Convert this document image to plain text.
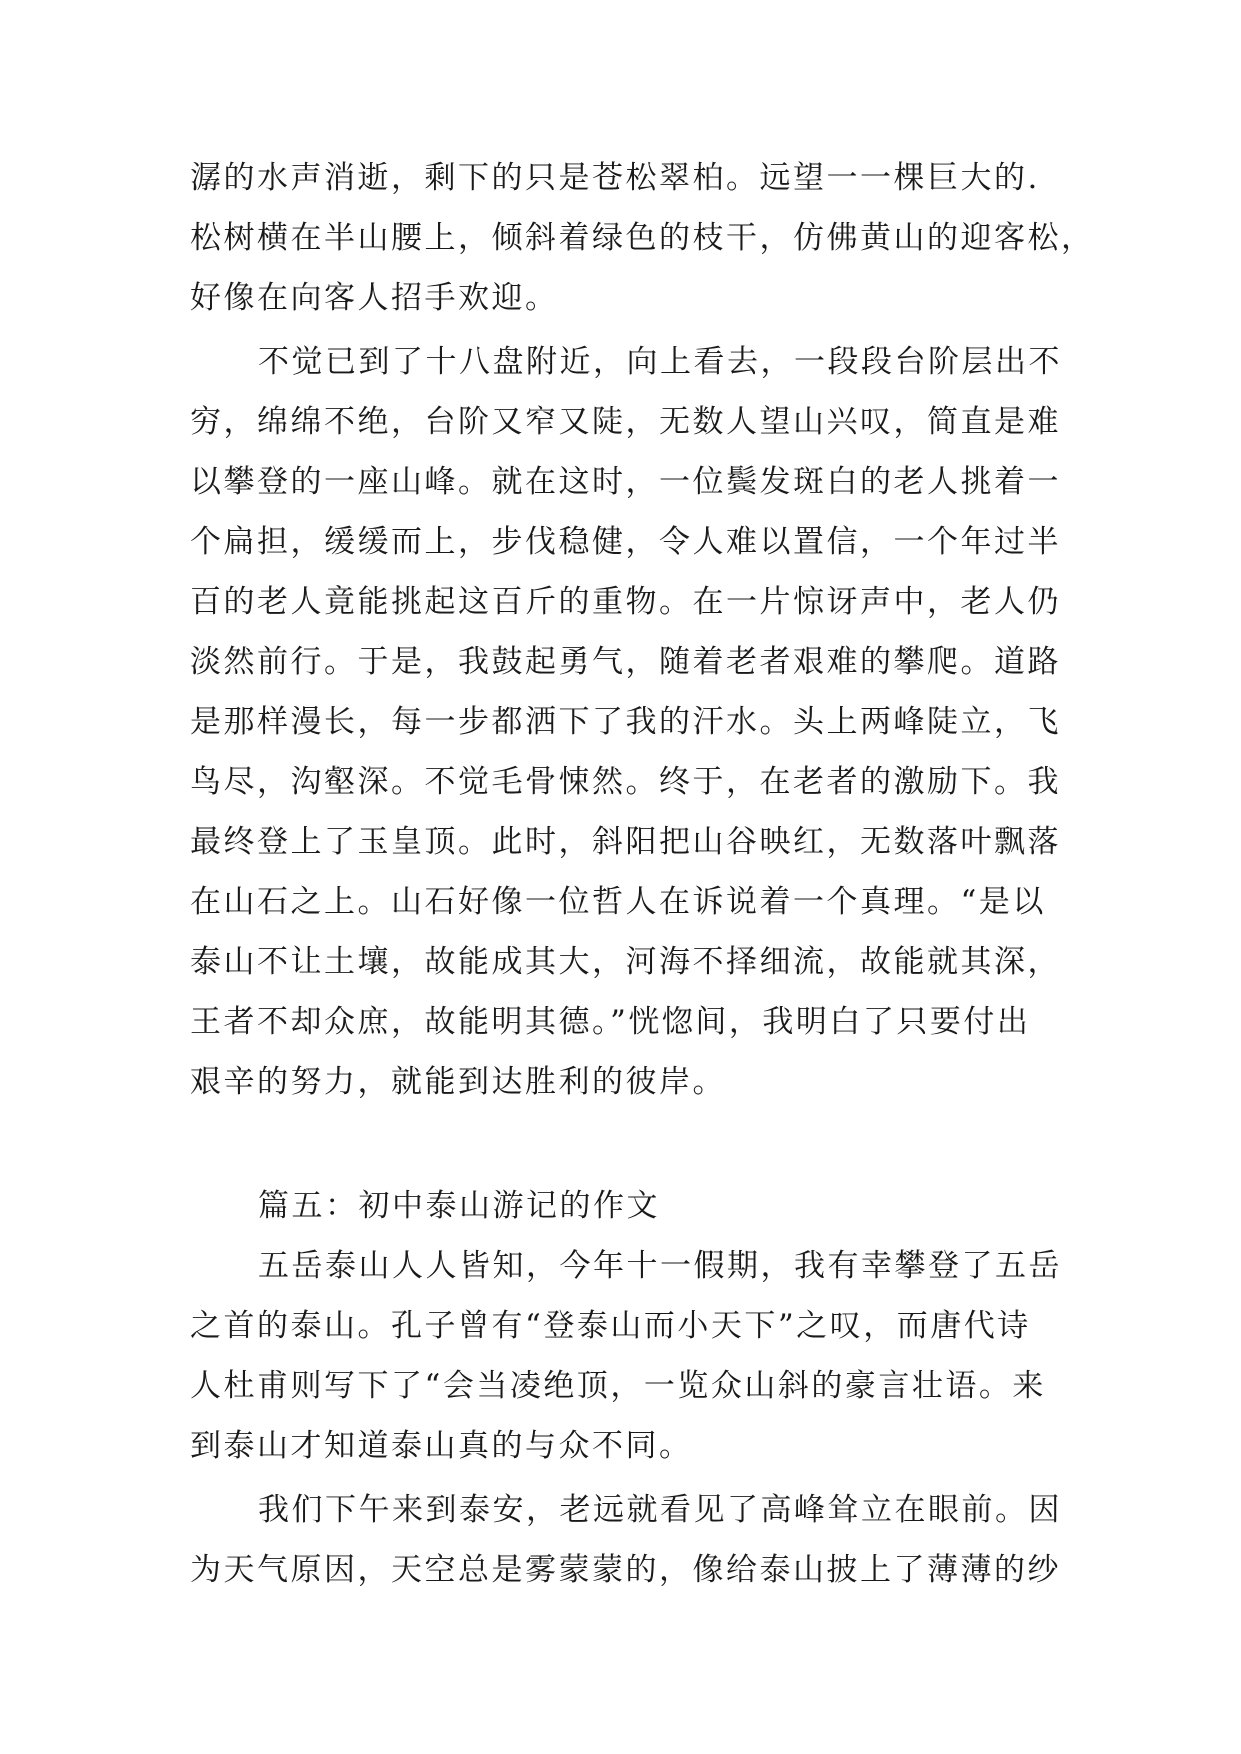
潺的水声消逝，剩下的只是苍松翠柏。远望一一棵巨大的.
松树横在半山腰上，倾斜着绿色的枝干，仿佛黄山的迎客松，
好像在向客人招手欢迎。
不觉已到了十八盘附近，向上看去，一段段台阶层出不
穷，绵绵不绝，台阶又窄又陡，无数人望山兴叹，简直是难
以攀登的一座山峰。就在这时，一位鬓发斑白的老人挑着一
个扁担，缓缓而上，步伐稳健，令人难以置信，一个年过半
百的老人竟能挑起这百斤的重物。在一片惊讶声中，老人仍
淡然前行。于是，我鼓起勇气，随着老者艰难的攀爬。道路
是那样漫长，每一步都洒下了我的汗水。头上两峰陡立，飞
鸟尽，沟壑深。不觉毛骨悚然。终于，在老者的激励下。我
最终登上了玉皇顶。此时，斜阳把山谷映红，无数落叶飘落
在山石之上。山石好像一位哲人在诉说着一个真理。“是以
泰山不让土壤，故能成其大，河海不择细流，故能就其深，
王者不却众庶，故能明其德。”恍惚间，我明白了只要付出
艰辛的努力，就能到达胜利的彼岸。
篇五：初中泰山游记的作文
五岳泰山人人皆知，今年十一假期，我有幸攀登了五岳
之首的泰山。孔子曾有“登泰山而小天下”之叹，而唐代诗
人杜甫则写下了“会当凌绝顶，一览众山斜的豪言壮语。来
到泰山才知道泰山真的与众不同。
我们下午来到泰安，老远就看见了高峰耸立在眼前。因
为天气原因，天空总是雾蒙蒙的，像给泰山披上了薄薄的纱
